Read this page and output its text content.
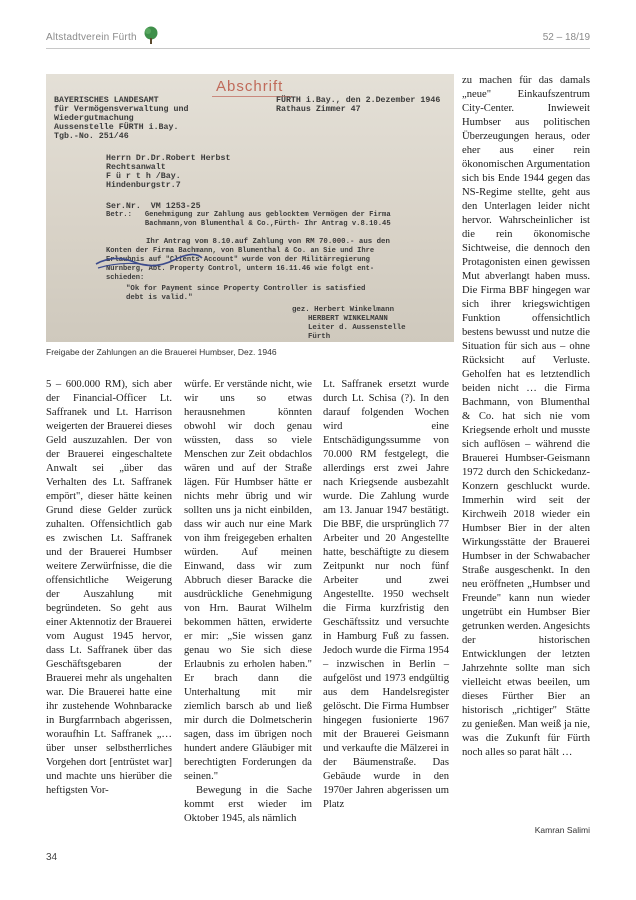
Altstadtverein Fürth	52 – 18/19
Abschrift
BAYERISCHES LANDESAMT
für Vermögensverwaltung und
Wiedergutmachung
Aussenstelle FÜRTH i.Bay.
Tgb.-No. 251/46
FÜRTH i.Bay., den 2.Dezember 1946
Rathaus Zimmer 47
Herrn Dr.Dr.Robert Herbst
Rechtsanwalt
F ü r t h /Bay.
Hindenburgstr.7
Ser.Nr.  VM 1253-25
Betr.:   Genehmigung zur Zahlung aus geblocktem Vermögen der Firma
Bachmann,von Blumenthal & Co.,Fürth- Ihr Antrag v.8.10.45
Ihr Antrag vom 8.10.auf Zahlung von RM 70.000.- aus den
Konten der Firma Bachmann, von Blumenthal & Co. an Sie und Ihre
Erlaubnis auf "Clients Account" wurde von der Militärregierung
Nürnberg, Abt. Property Control, unterm 16.11.46 wie folgt ent-
schieden:
"Ok for Payment since Property Controller is satisfied
debt is valid."
gez. Herbert Winkelmann
HERBERT WINKELMANN
Leiter d. Aussenstelle
Fürth
Freigabe der Zahlungen an die Brauerei Humbser, Dez. 1946

5 – 600.000 RM), sich aber der Financial-Officer Lt. Saffranek und Lt. Harrison weigerten der Brauerei dieses Geld auszuzahlen. Der von der Brauerei eingeschaltete Anwalt sei „über das Verhalten des Lt. Saffranek empört", dieser hätte keinen Grund diese Gelder zurück zuhalten. Offensichtlich gab es zwischen Lt. Saffranek und der Brauerei Humbser weitere Zerwürfnisse, die die offensichtliche Weigerung der Auszahlung mit begründeten. So geht aus einer Aktennotiz der Brauerei vom August 1945 hervor, dass Lt. Saffranek über das Geschäftsgebaren der Brauerei mehr als ungehalten war. Die Brauerei hatte eine ihr zustehende Wohnbaracke in Burgfarrnbach abgerissen, woraufhin Lt. Saffranek „… über unser selbstherrliches Vorgehen dort [entrüstet war] und machte uns hierüber die heftigsten Vor-

würfe. Er verstände nicht, wie wir uns so etwas herausnehmen könnten obwohl wir doch genau wüssten, dass so viele Menschen zur Zeit obdachlos wären und auf der Straße lägen. Für Humbser hätte er nichts mehr übrig und wir sollten uns ja nicht einbilden, dass wir auch nur eine Mark von ihm freigegeben erhalten würden. Auf meinen Einwand, dass wir zum Abbruch dieser Baracke die ausdrückliche Genehmigung von Hrn. Baurat Wilhelm bekommen hätten, erwiderte er mir: „Sie wissen ganz genau wo Sie sich diese Erlaubnis zu erholen haben." Er brach dann die Unterhaltung mit mir ziemlich barsch ab und ließ mir durch die Dolmetscherin sagen, dass im übrigen noch hundert andere Gläubiger mit berechtigten Forderungen da seinen."

Bewegung in die Sache kommt erst wieder im Oktober 1945, als nämlich

Lt. Saffranek ersetzt wurde durch Lt. Schisa (?). In den darauf folgenden Wochen wird eine Entschädigungssumme von 70.000 RM festgelegt, die allerdings erst zwei Jahre nach Kriegsende ausbezahlt wurde. Die Zahlung wurde am 13. Januar 1947 bestätigt. Die BBF, die ursprünglich 77 Arbeiter und 20 Angestellte hatte, beschäftigte zu diesem Zeitpunkt nur noch fünf Arbeiter und zwei Angestellte. 1950 wechselt die Firma kurzfristig den Geschäftssitz und versuchte in Hamburg Fuß zu fassen. Jedoch wurde die Firma 1954 – inzwischen in Berlin – aufgelöst und 1973 endgültig aus dem Handelsregister gelöscht. Die Firma Humbser hingegen fusionierte 1967 mit der Brauerei Geismann und verkaufte die Mälzerei in der Bäumenstraße. Das Gebäude wurde in den 1970er Jahren abgerissen um Platz

zu machen für das damals „neue" Einkaufszentrum City-Center. Inwieweit Humbser aus politischen Überzeugungen heraus, oder eher aus einer rein ökonomischen Argumentation sich bis Ende 1944 gegen das NS-Regime stellte, geht aus den Unterlagen leider nicht hervor. Wahrscheinlicher ist die rein ökonomische Sichtweise, die dennoch den Protagonisten einen gewissen Mut abverlangt haben muss. Die Firma BBF hingegen war sich ihrer kriegswichtigen Funktion offensichtlich bestens bewusst und nutze die Situation für sich aus – ohne Rücksicht auf Verluste. Geholfen hat es letztendlich beiden nicht … die Firma Bachmann, von Blumenthal & Co. hat sich nie vom Kriegsende erholt und musste sich auflösen – während die Brauerei Humbser-Geismann 1972 durch den Schickedanz-Konzern geschluckt wurde. Immerhin wird seit der Kirchweih 2018 wieder ein Humbser Bier in der alten Wirkungsstätte der Brauerei Humbser in der Schwabacher Straße ausgeschenkt. In den neu eröffneten „Humbser und Freunde" kann nun wieder ungetrübt ein Humbser Bier getrunken werden. Angesichts der historischen Entwicklungen der letzten Jahrzehnte sollte man sich vielleicht etwas beeilen, um dieses Fürther Bier an historisch „richtiger" Stätte zu genießen. Man weiß ja nie, was die Zukunft für Fürth noch alles so parat hält …

Kamran Salimi
34
